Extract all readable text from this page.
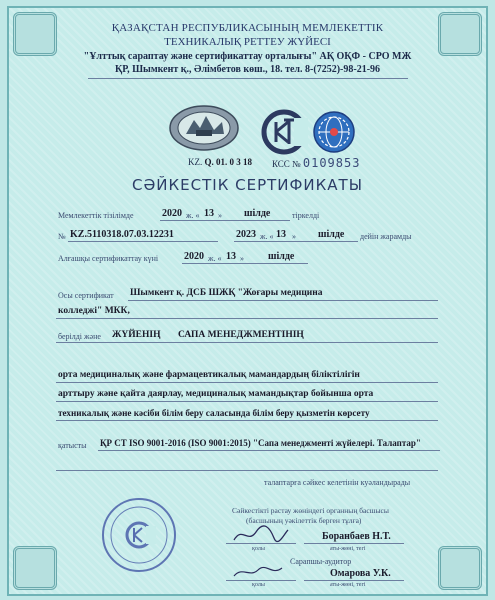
ҚАЗАҚСТАН РЕСПУБЛИКАСЫНЫҢ МЕМЛЕКЕТТІК
ТЕХНИКАЛЫҚ РЕТТЕУ ЖҮЙЕСІ
"Ұлттық сараптау және сертификаттау орталығы" АҚ ОҚФ - СРО МЖ
ҚР, Шымкент қ., Әлімбетов көш., 18. тел. 8-(7252)-98-21-96
KZ. Q. 01. 0 3 18 КСС № 0109853
СӘЙКЕСТІК СЕРТИФИКАТЫ
Мемлекеттік тізілімде	2020 ж. « 13 » шілде	тіркелді
№ KZ.5110318.07.03.12231	2023 ж. « 13 » шілде дейін жарамды
Алғашқы сертификаттау күні	2020 ж. « 13 » шілде
Осы сертификат Шымкент қ. ДСБ ШЖҚ "Жоғары медицина
колледжі" МКК,
берілді және ЖҮЙЕНІҢ САПА МЕНЕДЖМЕНТІНІҢ
орта медициналық және фармацевтикалық мамандардың біліктілігін
арттыру және қайта даярлау, медициналық мамандықтар бойынша орта
техникалық және кәсіби білім беру саласында білім беру қызметін көрсету
қатысты ҚР СТ ISO 9001-2016 (ISO 9001:2015) "Сапа менеджменті жүйелері. Талаптар"
талаптарға сәйкес келетінін куәландырады
Сәйкестікті растау жөніндегі органның басшысы
(басшының уәкілеттік берген тұлға)
қолы
Боранбаев Н.Т.
аты-жөні, тегі
Сарапшы-аудитор
қолы
Омарова У.К.
аты-жөні, тегі
